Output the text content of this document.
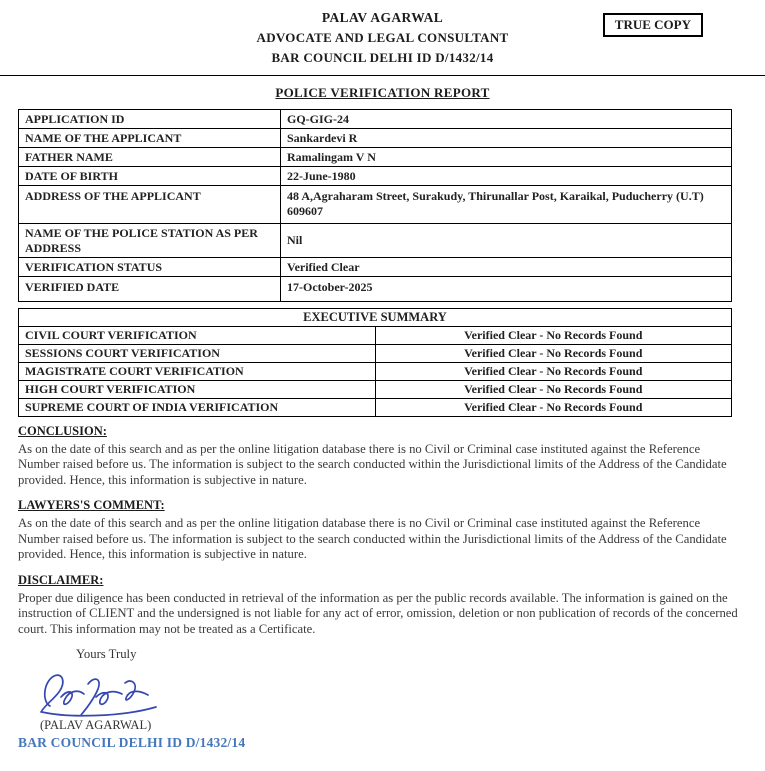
TRUE COPY
PALAV AGARWAL
ADVOCATE AND LEGAL CONSULTANT
BAR COUNCIL DELHI ID D/1432/14
POLICE VERIFICATION REPORT
APPLICATION ID	GQ-GIG-24
NAME OF THE APPLICANT	Sankardevi R
FATHER NAME	Ramalingam V N
DATE OF BIRTH	22-June-1980
ADDRESS OF THE APPLICANT	48 A,Agraharam Street, Surakudy, Thirunallar Post, Karaikal, Puducherry (U.T) 609607
NAME OF THE POLICE STATION AS PER ADDRESS	Nil
VERIFICATION STATUS	Verified Clear
VERIFIED DATE	17-October-2025
EXECUTIVE SUMMARY	
CIVIL COURT VERIFICATION	Verified Clear - No Records Found
SESSIONS COURT VERIFICATION	Verified Clear - No Records Found
MAGISTRATE COURT VERIFICATION	Verified Clear - No Records Found
HIGH COURT VERIFICATION	Verified Clear - No Records Found
SUPREME COURT OF INDIA VERIFICATION	Verified Clear - No Records Found
CONCLUSION:
As on the date of this search and as per the online litigation database there is no Civil or Criminal case instituted against the Reference Number raised before us. The information is subject to the search conducted within the Jurisdictional limits of the Address of the Candidate provided. Hence, this information is subjective in nature.
LAWYERS'S COMMENT:
As on the date of this search and as per the online litigation database there is no Civil or Criminal case instituted against the Reference Number raised before us. The information is subject to the search conducted within the Jurisdictional limits of the Address of the Candidate provided. Hence, this information is subjective in nature.
DISCLAIMER:
Proper due diligence has been conducted in retrieval of the information as per the public records available. The information is gained on the instruction of CLIENT and the undersigned is not liable for any act of error, omission, deletion or non publication of records of the concerned court. This information may not be treated as a Certificate.
Yours Truly
(PALAV AGARWAL)
BAR COUNCIL DELHI ID D/1432/14
